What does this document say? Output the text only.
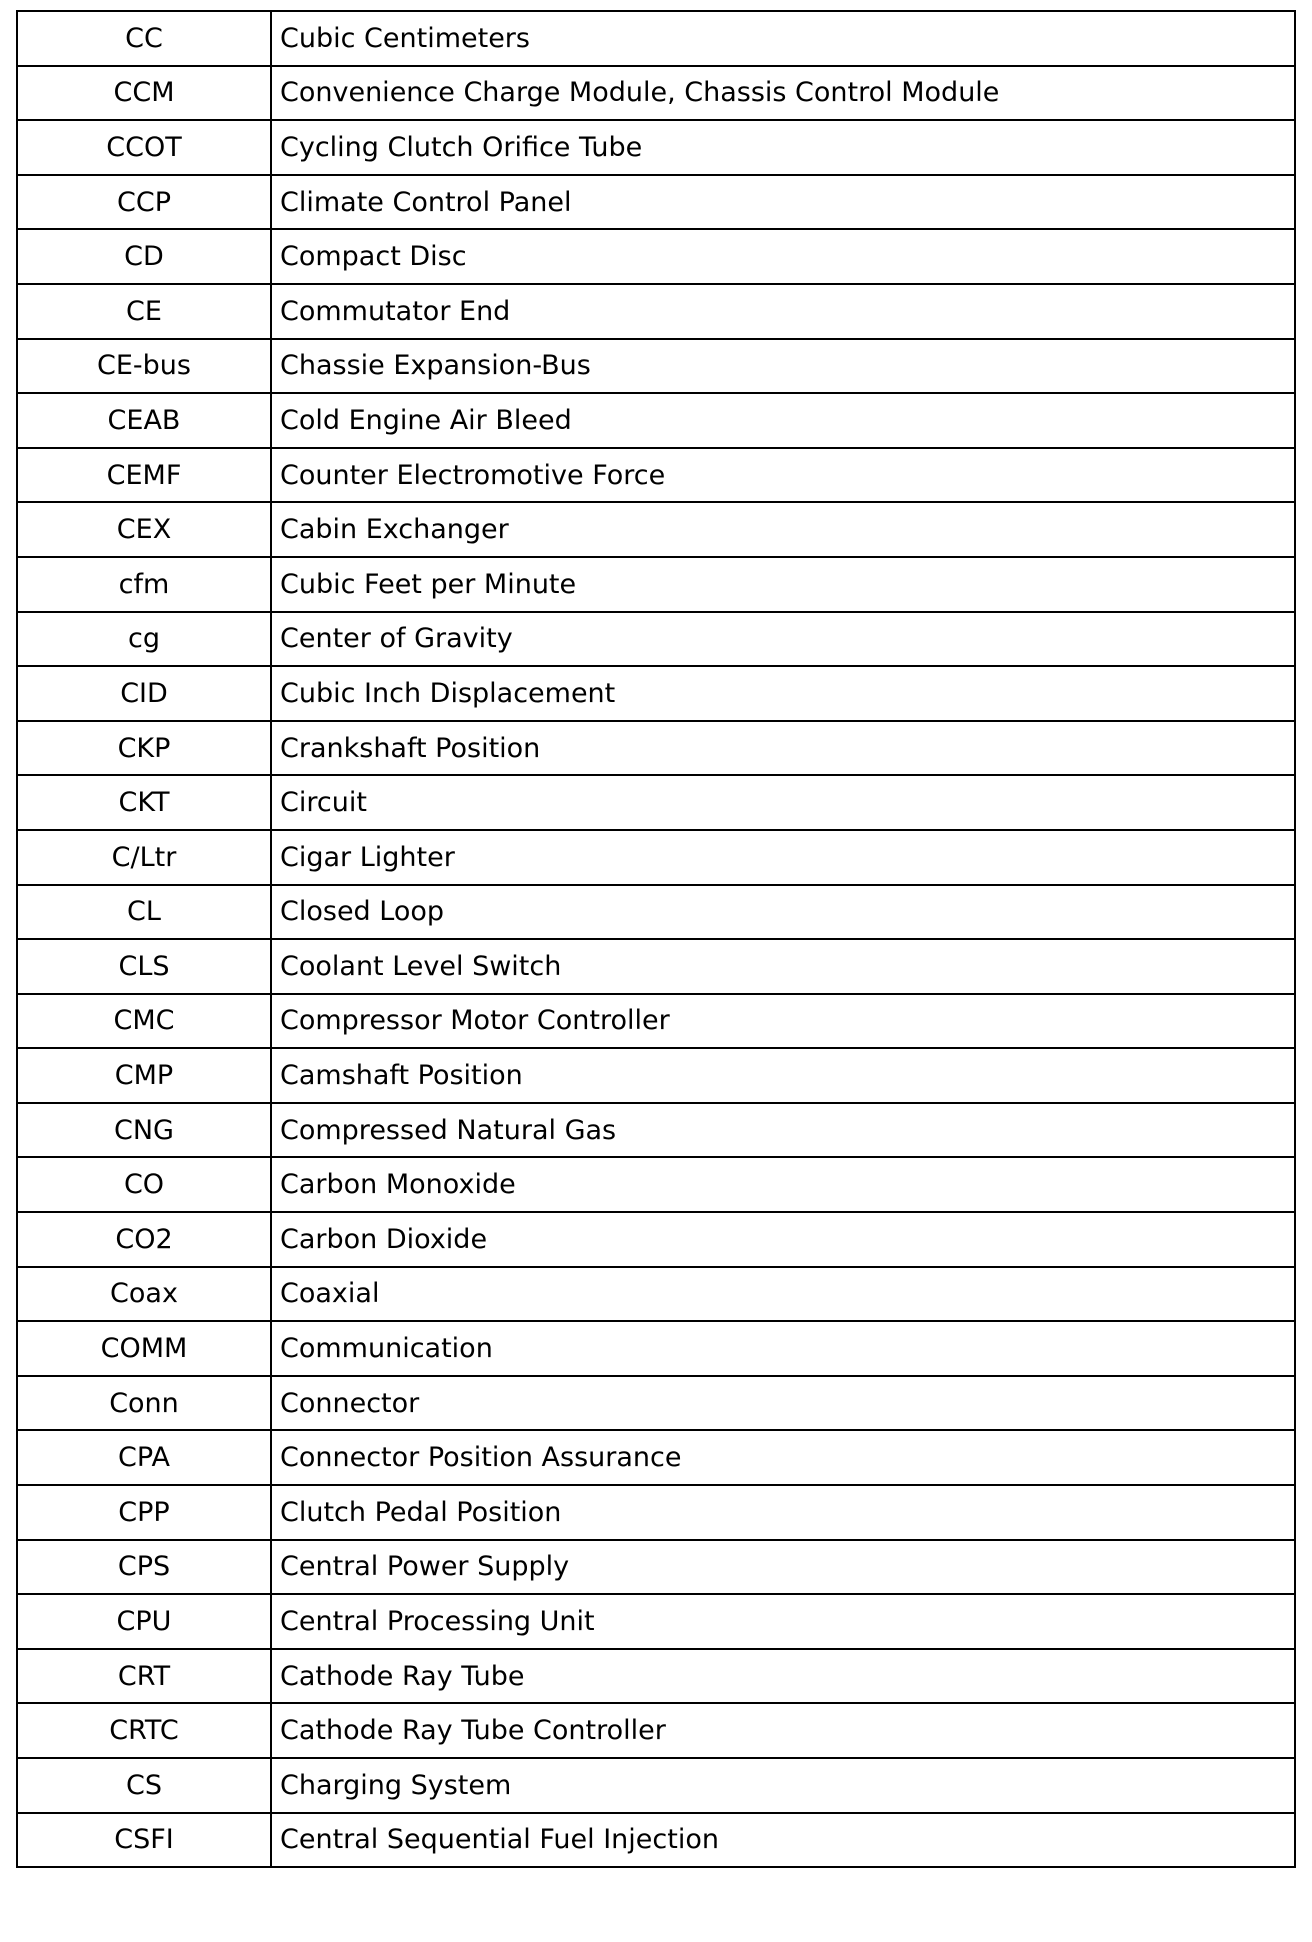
CC	Cubic Centimeters
CCM	Convenience Charge Module, Chassis Control Module
CCOT	Cycling Clutch Orifice Tube
CCP	Climate Control Panel
CD	Compact Disc
CE	Commutator End
CE-bus	Chassie Expansion-Bus
CEAB	Cold Engine Air Bleed
CEMF	Counter Electromotive Force
CEX	Cabin Exchanger
cfm	Cubic Feet per Minute
cg	Center of Gravity
CID	Cubic Inch Displacement
CKP	Crankshaft Position
CKT	Circuit
C/Ltr	Cigar Lighter
CL	Closed Loop
CLS	Coolant Level Switch
CMC	Compressor Motor Controller
CMP	Camshaft Position
CNG	Compressed Natural Gas
CO	Carbon Monoxide
CO2	Carbon Dioxide
Coax	Coaxial
COMM	Communication
Conn	Connector
CPA	Connector Position Assurance
CPP	Clutch Pedal Position
CPS	Central Power Supply
CPU	Central Processing Unit
CRT	Cathode Ray Tube
CRTC	Cathode Ray Tube Controller
CS	Charging System
CSFI	Central Sequential Fuel Injection
